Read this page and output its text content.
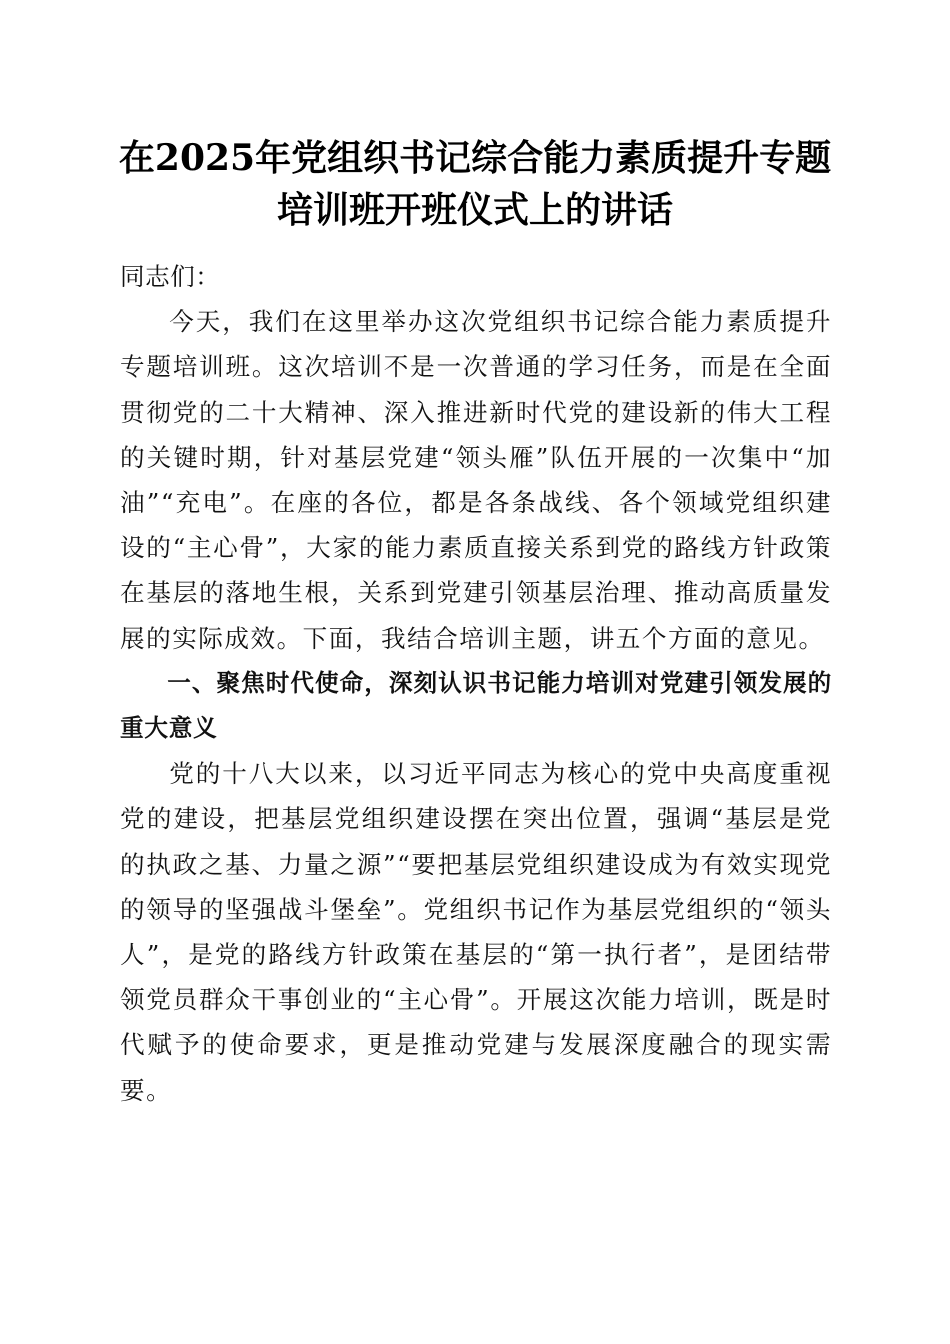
在2025年党组织书记综合能力素质提升专题
培训班开班仪式上的讲话

同志们：

今天，我们在这里举办这次党组织书记综合能力素质提升专题培训班。这次培训不是一次普通的学习任务，而是在全面贯彻党的二十大精神、深入推进新时代党的建设新的伟大工程的关键时期，针对基层党建“领头雁”队伍开展的一次集中“加油”“充电”。在座的各位，都是各条战线、各个领域党组织建设的“主心骨”，大家的能力素质直接关系到党的路线方针政策在基层的落地生根，关系到党建引领基层治理、推动高质量发展的实际成效。下面，我结合培训主题，讲五个方面的意见。

一、聚焦时代使命，深刻认识书记能力培训对党建引领发展的重大意义

党的十八大以来，以习近平同志为核心的党中央高度重视党的建设，把基层党组织建设摆在突出位置，强调“基层是党的执政之基、力量之源”“要把基层党组织建设成为有效实现党的领导的坚强战斗堡垒”。党组织书记作为基层党组织的“领头人”，是党的路线方针政策在基层的“第一执行者”，是团结带领党员群众干事创业的“主心骨”。开展这次能力培训，既是时代赋予的使命要求，更是推动党建与发展深度融合的现实需要。
